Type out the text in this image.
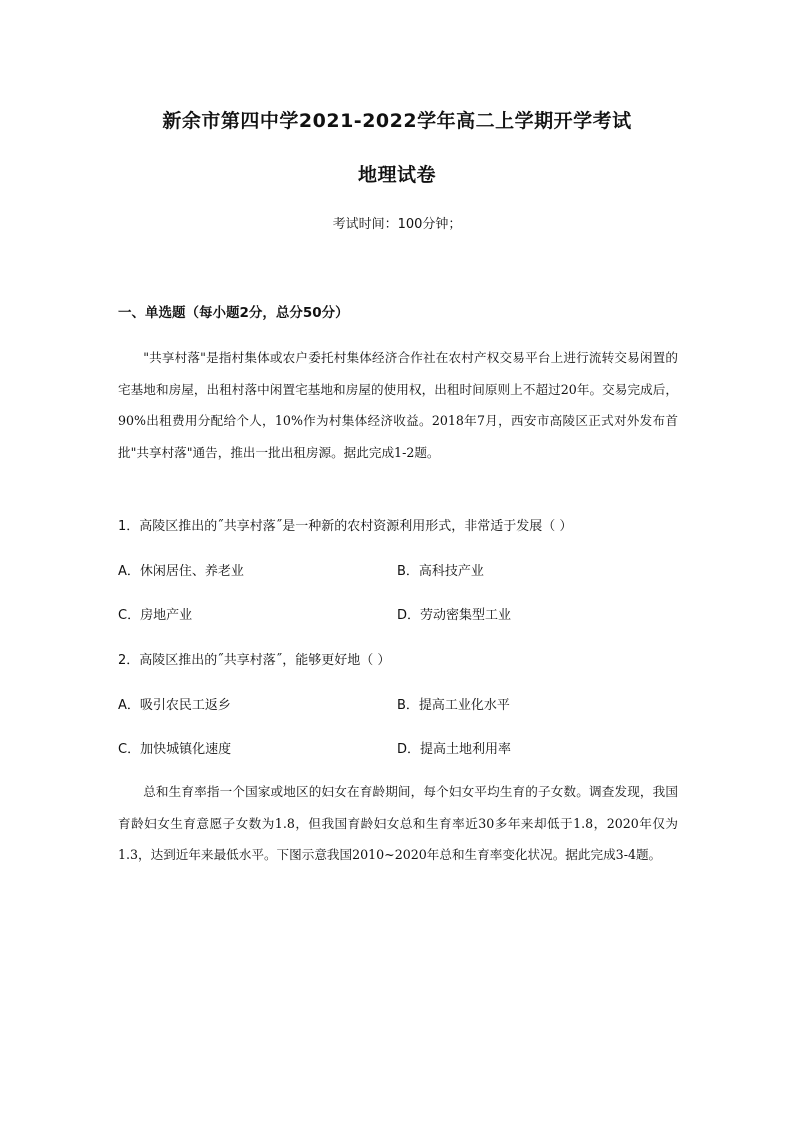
新余市第四中学2021-2022学年高二上学期开学考试
地理试卷
考试时间：100分钟；
一、单选题（每小题2分，总分50分）

"共享村落"是指村集体或农户委托村集体经济合作社在农村产权交易平台上进行流转交易闲置的宅基地和房屋，出租村落中闲置宅基地和房屋的使用权，出租时间原则上不超过20年。交易完成后，90%出租费用分配给个人，10%作为村集体经济收益。2018年7月，西安市高陵区正式对外发布首批"共享村落"通告，推出一批出租房源。据此完成1-2题。

1．高陵区推出的˝共享村落˝是一种新的农村资源利用形式，非常适于发展（ ）
A．休闲居住、养老业	B．高科技产业
C．房地产业	D．劳动密集型工业
2．高陵区推出的˝共享村落˝，能够更好地（ ）
A．吸引农民工返乡	B．提高工业化水平
C．加快城镇化速度	D．提高土地利用率

总和生育率指一个国家或地区的妇女在育龄期间，每个妇女平均生育的子女数。调查发现，我国育龄妇女生育意愿子女数为1.8，但我国育龄妇女总和生育率近30多年来却低于1.8，2020年仅为1.3，达到近年来最低水平。下图示意我国2010~2020年总和生育率变化状况。据此完成3-4题。
